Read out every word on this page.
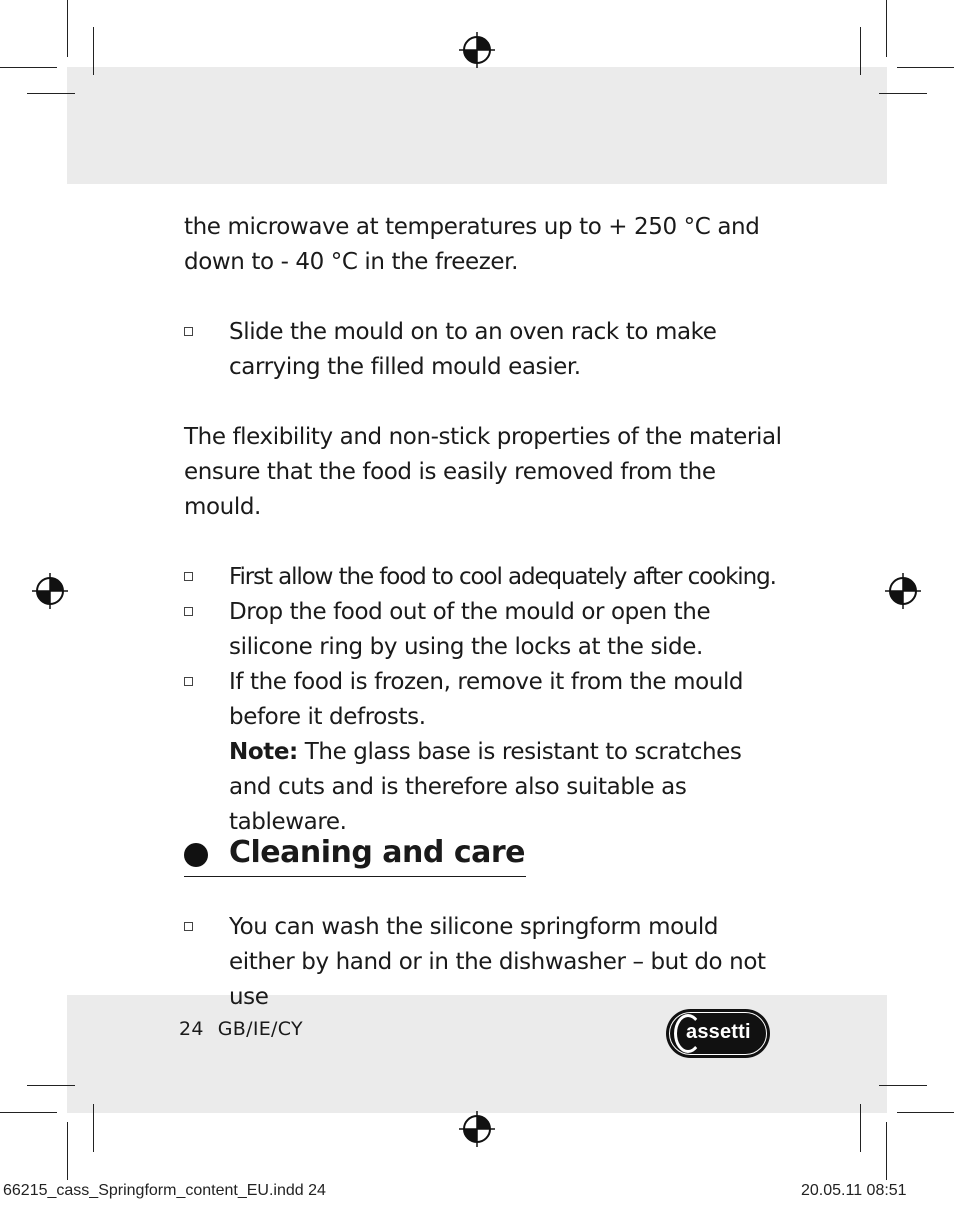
the microwave at temperatures up to + 250 °C and down to - 40 °C in the freezer.

Slide the mould on to an oven rack to make carrying the filled mould easier.

The flexibility and non-stick properties of the material ensure that the food is easily removed from the mould.

First allow the food to cool adequately after cooking.

Drop the food out of the mould or open the silicone ring by using the locks at the side.

If the food is frozen, remove it from the mould before it defrosts.

Note: The glass base is resistant to scratches and cuts and is therefore also suitable as tableware.

Cleaning and care

You can wash the silicone springform mould either by hand or in the dishwasher – but do not use

24 GB/IE/CY	assetti
66215_cass_Springform_content_EU.indd 24	20.05.11 08:51
